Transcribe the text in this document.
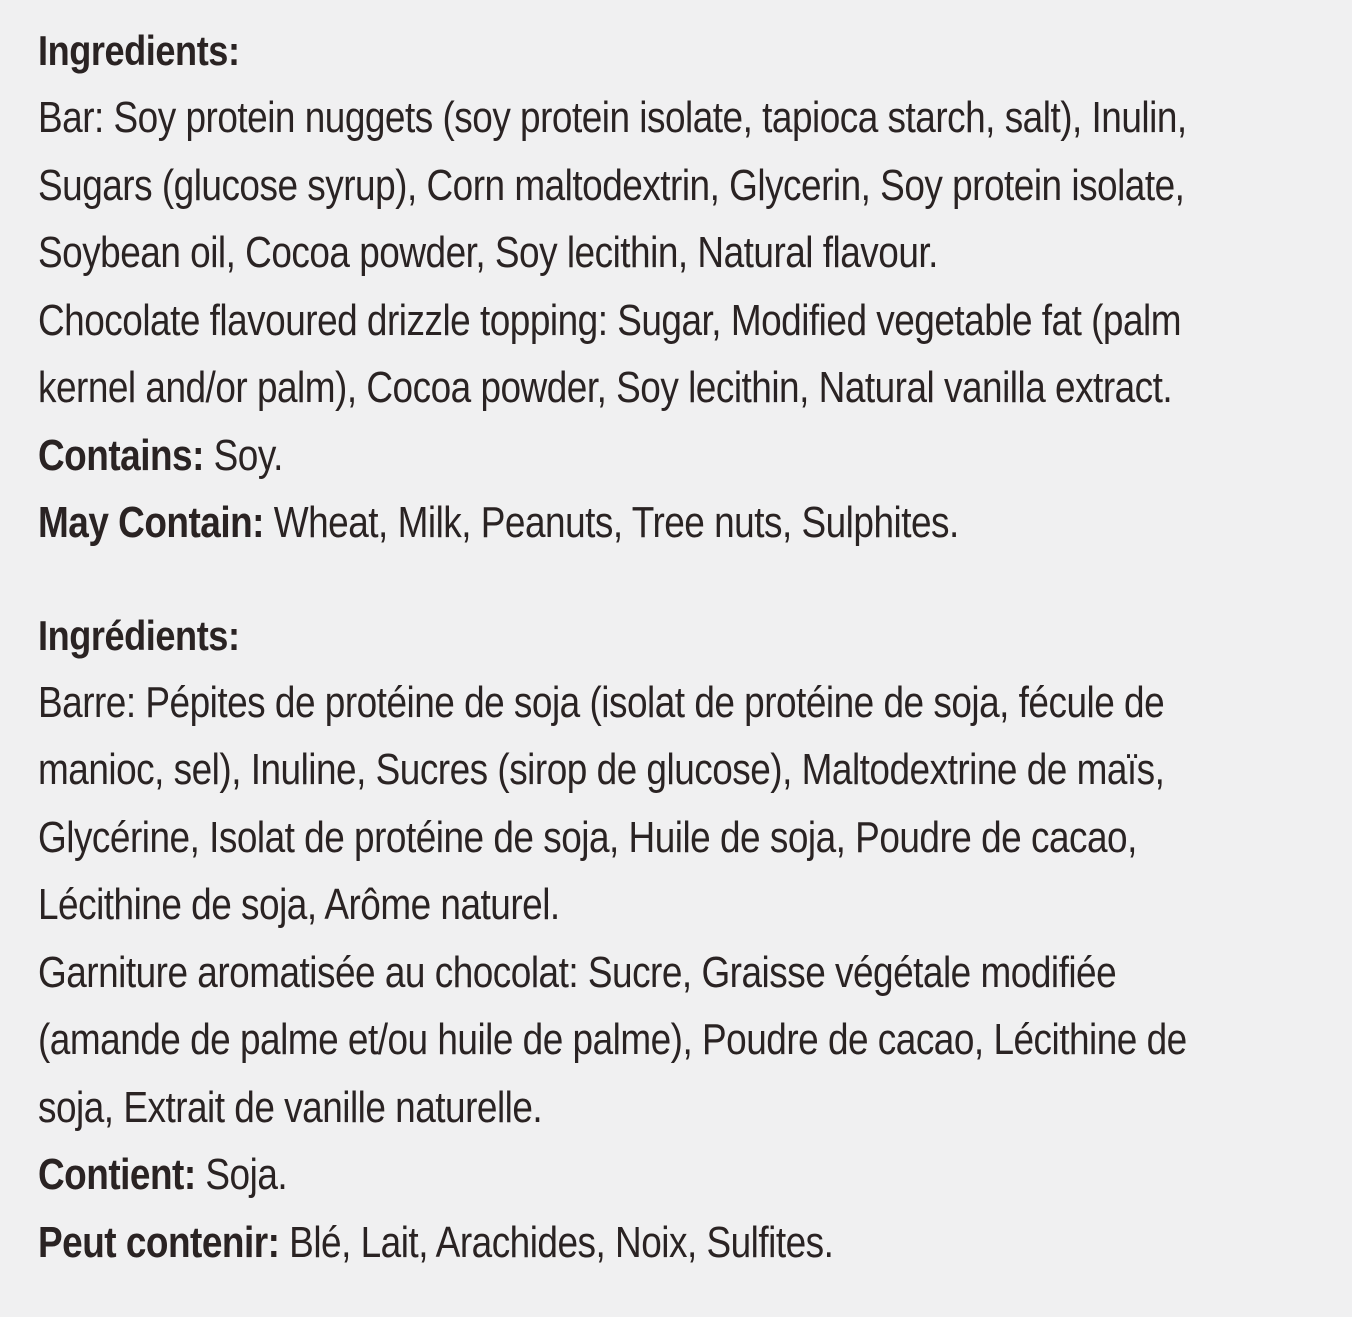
Ingredients:
Bar: Soy protein nuggets (soy protein isolate, tapioca starch, salt), Inulin,
Sugars (glucose syrup), Corn maltodextrin, Glycerin, Soy protein isolate,
Soybean oil, Cocoa powder, Soy lecithin, Natural flavour.
Chocolate flavoured drizzle topping: Sugar, Modified vegetable fat (palm
kernel and/or palm), Cocoa powder, Soy lecithin, Natural vanilla extract.
Contains: Soy.
May Contain: Wheat, Milk, Peanuts, Tree nuts, Sulphites.
Ingrédients:
Barre: Pépites de protéine de soja (isolat de protéine de soja, fécule de
manioc, sel), Inuline, Sucres (sirop de glucose), Maltodextrine de maïs,
Glycérine, Isolat de protéine de soja, Huile de soja, Poudre de cacao,
Lécithine de soja, Arôme naturel.
Garniture aromatisée au chocolat: Sucre, Graisse végétale modifiée
(amande de palme et/ou huile de palme), Poudre de cacao, Lécithine de
soja, Extrait de vanille naturelle.
Contient: Soja.
Peut contenir: Blé, Lait, Arachides, Noix, Sulfites.
